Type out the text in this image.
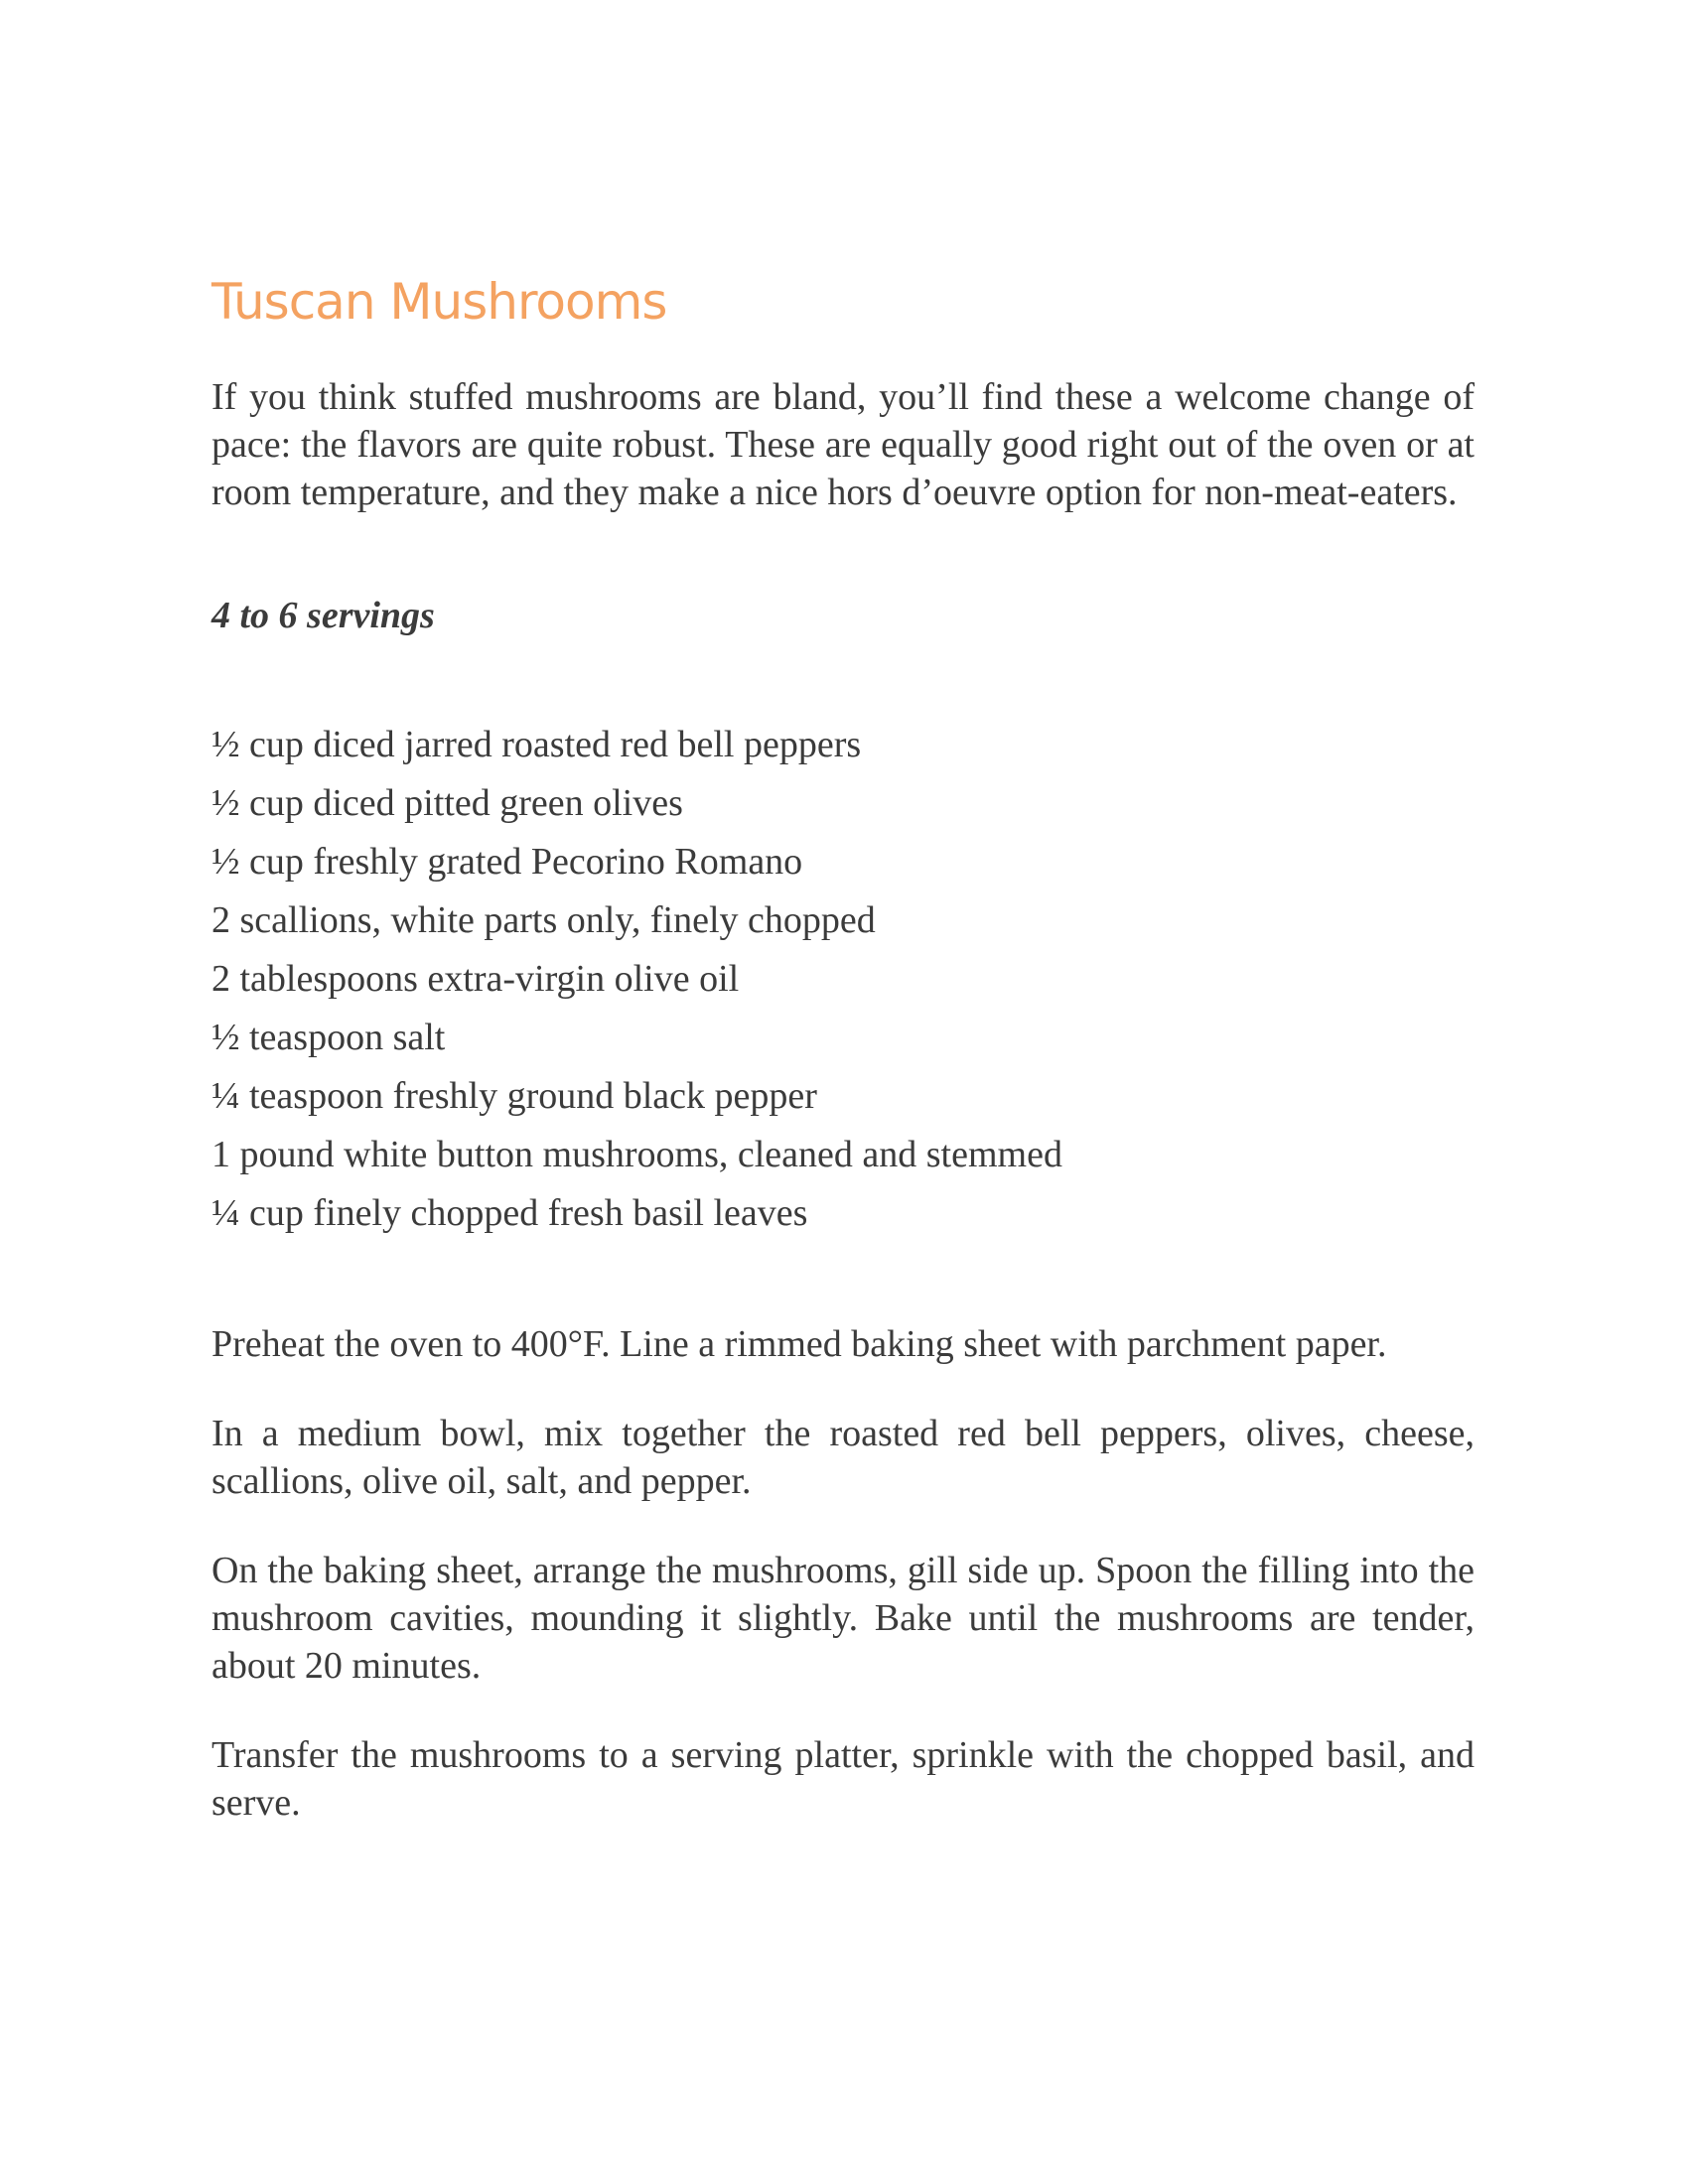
Tuscan Mushrooms

If you think stuffed mushrooms are bland, you’ll find these a welcome change of pace: the flavors are quite robust. These are equally good right out of the oven or at room temperature, and they make a nice hors d’oeuvre option for non-meat-eaters.

4 to 6 servings

½ cup diced jarred roasted red bell peppers
½ cup diced pitted green olives
½ cup freshly grated Pecorino Romano
2 scallions, white parts only, finely chopped
2 tablespoons extra-virgin olive oil
½ teaspoon salt
¼ teaspoon freshly ground black pepper
1 pound white button mushrooms, cleaned and stemmed
¼ cup finely chopped fresh basil leaves

Preheat the oven to 400°F. Line a rimmed baking sheet with parchment paper.

In a medium bowl, mix together the roasted red bell peppers, olives, cheese, scallions, olive oil, salt, and pepper.

On the baking sheet, arrange the mushrooms, gill side up. Spoon the filling into the mushroom cavities, mounding it slightly. Bake until the mushrooms are tender, about 20 minutes.

Transfer the mushrooms to a serving platter, sprinkle with the chopped basil, and serve.
